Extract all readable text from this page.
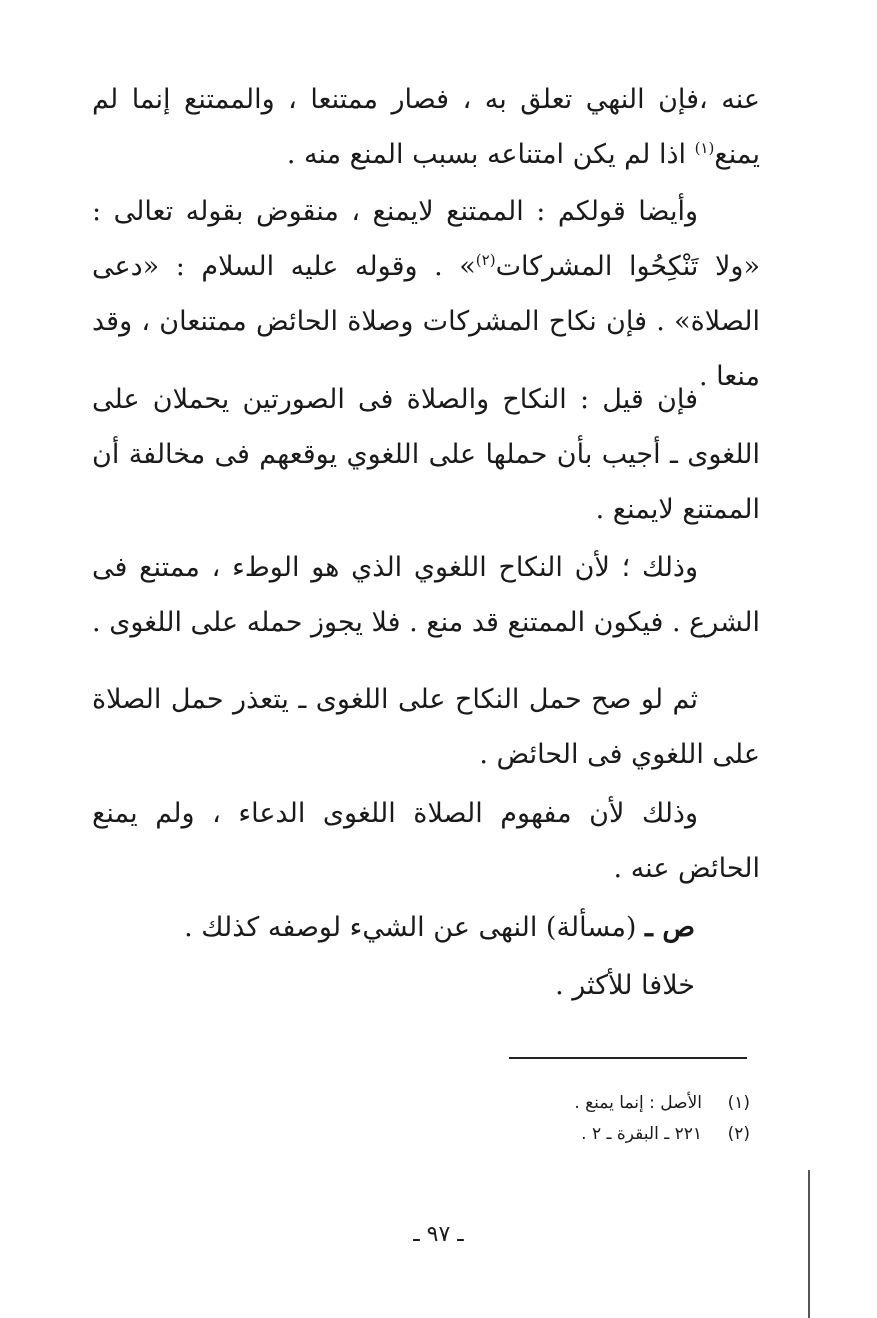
عنه ،فإن النهي تعلق به ، فصار ممتنعا ، والممتنع إنما لم يمنع$^{(١)}$ اذا لم يكن امتناعه بسبب المنع منه .

وأيضا قولكم : الممتنع لايمنع ، منقوض بقوله تعالى : «ولا تَنْكِحُوا المشركات$^{(٢)}$» . وقوله عليه السلام : «دعى الصلاة» . فإن نكاح المشركات وصلاة الحائض ممتنعان ، وقد منعا .

فإن قيل : النكاح والصلاة فى الصورتين يحملان على اللغوى ـ أجيب بأن حملها على اللغوي يوقعهم فى مخالفة أن الممتنع لايمنع .

وذلك ؛ لأن النكاح اللغوي الذي هو الوطء ، ممتنع فى الشرع . فيكون الممتنع قد منع . فلا يجوز حمله على اللغوى .

ثم لو صح حمل النكاح على اللغوى ـ يتعذر حمل الصلاة على اللغوي فى الحائض .

وذلك لأن مفهوم الصلاة اللغوى الدعاء ، ولم يمنع الحائض عنه .

ص ـ (مسألة) النهى عن الشيء لوصفه كذلك .

خلافا للأكثر .

(١)الأصل : إنما يمنع .
(٢)٢٢١ ـ البقرة ـ ٢ .
ـ ٩٧ ـ
